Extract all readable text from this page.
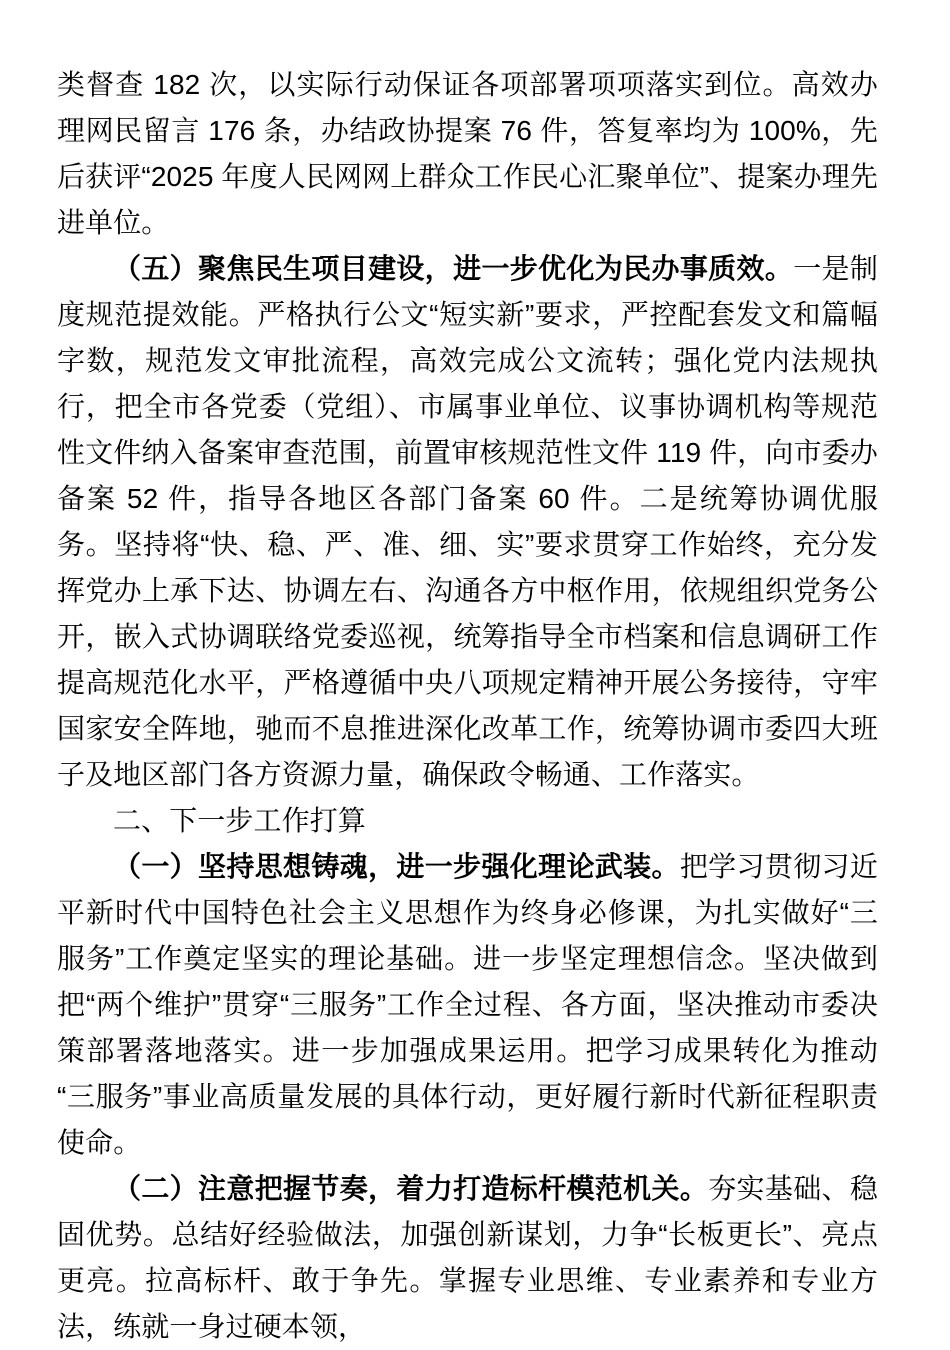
类督查 182 次，以实际行动保证各项部署项项落实到位。高效办理网民留言 176 条，办结政协提案 76 件，答复率均为 100%，先后获评“2025 年度人民网网上群众工作民心汇聚单位”、提案办理先进单位。

（五）聚焦民生项目建设，进一步优化为民办事质效。一是制度规范提效能。严格执行公文“短实新”要求，严控配套发文和篇幅字数，规范发文审批流程，高效完成公文流转；强化党内法规执行，把全市各党委（党组）、市属事业单位、议事协调机构等规范性文件纳入备案审查范围，前置审核规范性文件 119 件，向市委办备案 52 件，指导各地区各部门备案 60 件。二是统筹协调优服务。坚持将“快、稳、严、准、细、实”要求贯穿工作始终，充分发挥党办上承下达、协调左右、沟通各方中枢作用，依规组织党务公开，嵌入式协调联络党委巡视，统筹指导全市档案和信息调研工作提高规范化水平，严格遵循中央八项规定精神开展公务接待，守牢国家安全阵地，驰而不息推进深化改革工作，统筹协调市委四大班子及地区部门各方资源力量，确保政令畅通、工作落实。

二、下一步工作打算

（一）坚持思想铸魂，进一步强化理论武装。把学习贯彻习近平新时代中国特色社会主义思想作为终身必修课，为扎实做好“三服务”工作奠定坚实的理论基础。进一步坚定理想信念。坚决做到把“两个维护”贯穿“三服务”工作全过程、各方面，坚决推动市委决策部署落地落实。进一步加强成果运用。把学习成果转化为推动“三服务”事业高质量发展的具体行动，更好履行新时代新征程职责使命。

（二）注意把握节奏，着力打造标杆模范机关。夯实基础、稳固优势。总结好经验做法，加强创新谋划，力争“长板更长”、亮点更亮。拉高标杆、敢于争先。掌握专业思维、专业素养和专业方法，练就一身过硬本领，
